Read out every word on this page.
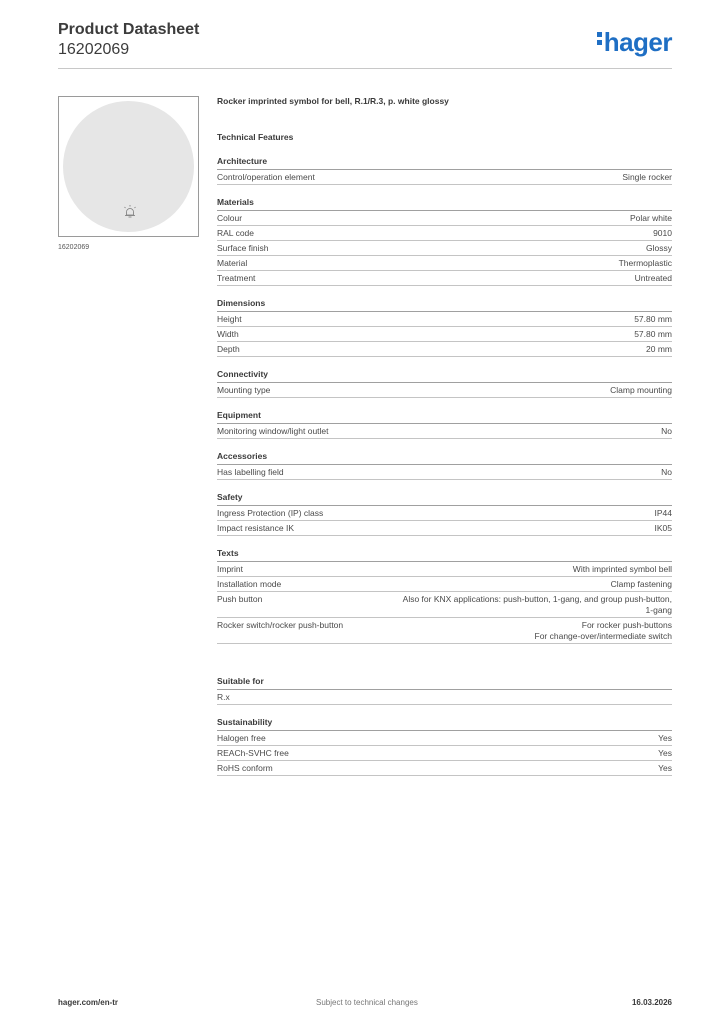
Product Datasheet
16202069	hager
16202069
Rocker imprinted symbol for bell, R.1/R.3, p. white glossy
Technical Features
Architecture
Control/operation element	Single rocker
Materials
Colour	Polar white
RAL code	9010
Surface finish	Glossy
Material	Thermoplastic
Treatment	Untreated
Dimensions
Height	57.80 mm
Width	57.80 mm
Depth	20 mm
Connectivity
Mounting type	Clamp mounting
Equipment
Monitoring window/light outlet	No
Accessories
Has labelling field	No
Safety
Ingress Protection (IP) class	IP44
Impact resistance IK	IK05
Texts
Imprint	With imprinted symbol bell
Installation mode	Clamp fastening
Push button	Also for KNX applications: push-button, 1-gang, and group push-button,
1-gang
Rocker switch/rocker push-button	For rocker push-buttons
For change-over/intermediate switch
Suitable for
R.x
Sustainability
Halogen free	Yes
REACh-SVHC free	Yes
RoHS conform	Yes
hager.com/en-tr	Subject to technical changes	16.03.2026
